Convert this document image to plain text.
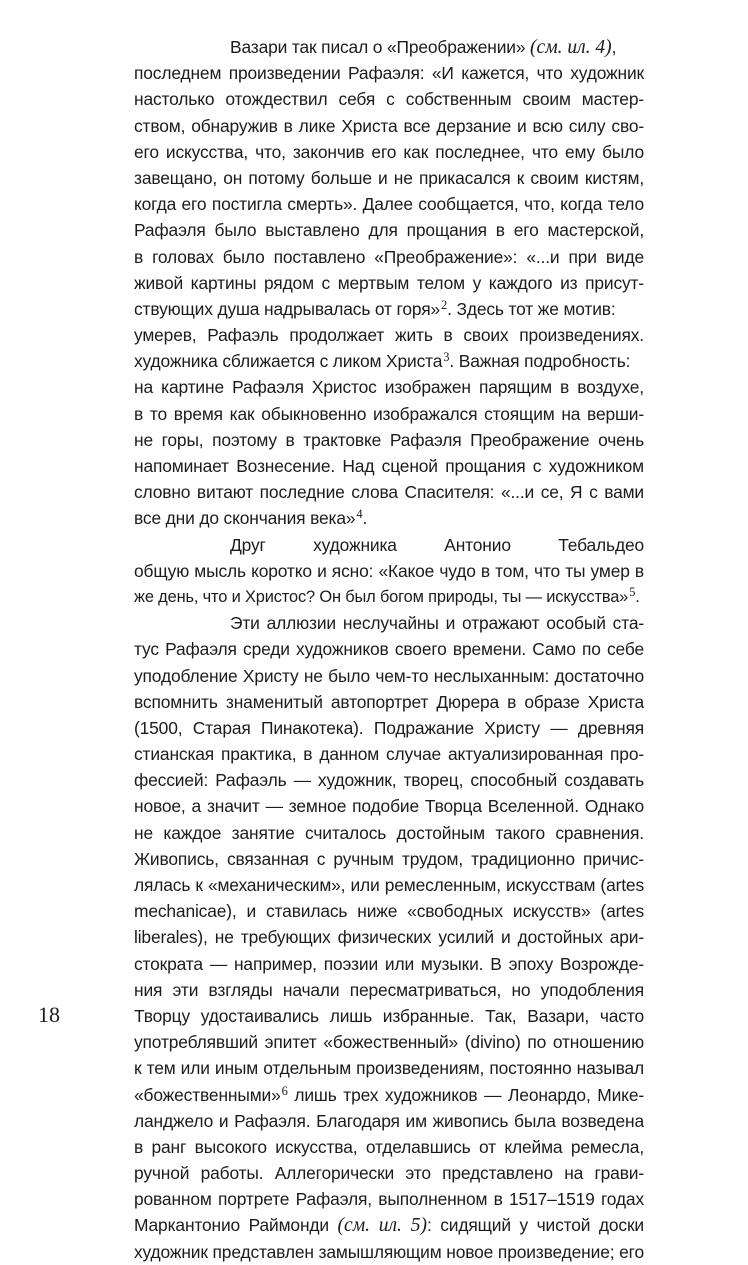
18
Вазари так писал о «Преображении» (см. ил. 4),
последнем произведении Рафаэля: «И кажется, что художник
настолько отождествил себя с собственным своим мастер-
ством, обнаружив в лике Христа все дерзание и всю силу сво-
его искусства, что, закончив его как последнее, что ему было
завещано, он потому больше и не прикасался к своим кистям,
когда его постигла смерть». Далее сообщается, что, когда тело
Рафаэля было выставлено для прощания в его мастерской,
в головах было поставлено «Преображение»: «...и при виде
живой картины рядом с мертвым телом у каждого из присут-
ствующих душа надрывалась от горя»$^2$. Здесь тот же мотив:
умерев, Рафаэль продолжает жить в своих произведениях.
художника сближается с ликом Христа$^3$. Важная подробность:
на картине Рафаэля Христос изображен парящим в воздухе,
в то время как обыкновенно изображался стоящим на верши-
не горы, поэтому в трактовке Рафаэля Преображение очень
напоминает Вознесение. Над сценой прощания с художником
словно витают последние слова Спасителя: «...и се, Я с вами
все дни до скончания века»$^4$.
Друг художника Антонио Тебальдео
общую мысль коротко и ясно: «Какое чудо в том, что ты умер в
же день, что и Христос? Он был богом природы, ты — искусства»$^5$.
Эти аллюзии неслучайны и отражают особый ста-
тус Рафаэля среди художников своего времени. Само по себе
уподобление Христу не было чем-то неслыханным: достаточно
вспомнить знаменитый автопортрет Дюрера в образе Христа
(1500, Старая Пинакотека). Подражание Христу — древняя
стианская практика, в данном случае актуализированная про-
фессией: Рафаэль — художник, творец, способный создавать
новое, а значит — земное подобие Творца Вселенной. Однако
не каждое занятие считалось достойным такого сравнения.
Живопись, связанная с ручным трудом, традиционно причис-
лялась к «механическим», или ремесленным, искусствам (artes
mechanicae), и ставилась ниже «свободных искусств» (artes
liberales), не требующих физических усилий и достойных ари-
стократа — например, поэзии или музыки. В эпоху Возрожде-
ния эти взгляды начали пересматриваться, но уподобления
Творцу удостаивались лишь избранные. Так, Вазари, часто
употреблявший эпитет «божественный» (divino) по отношению
к тем или иным отдельным произведениям, постоянно называл
«божественными»$^6$ лишь трех художников — Леонардо, Мике-
ланджело и Рафаэля. Благодаря им живопись была возведена
в ранг высокого искусства, отделавшись от клейма ремесла,
ручной работы. Аллегорически это представлено на грави-
рованном портрете Рафаэля, выполненном в 1517–1519 годах
Маркантонио Раймонди (см. ил. 5): сидящий у чистой доски
художник представлен замышляющим новое произведение; его
